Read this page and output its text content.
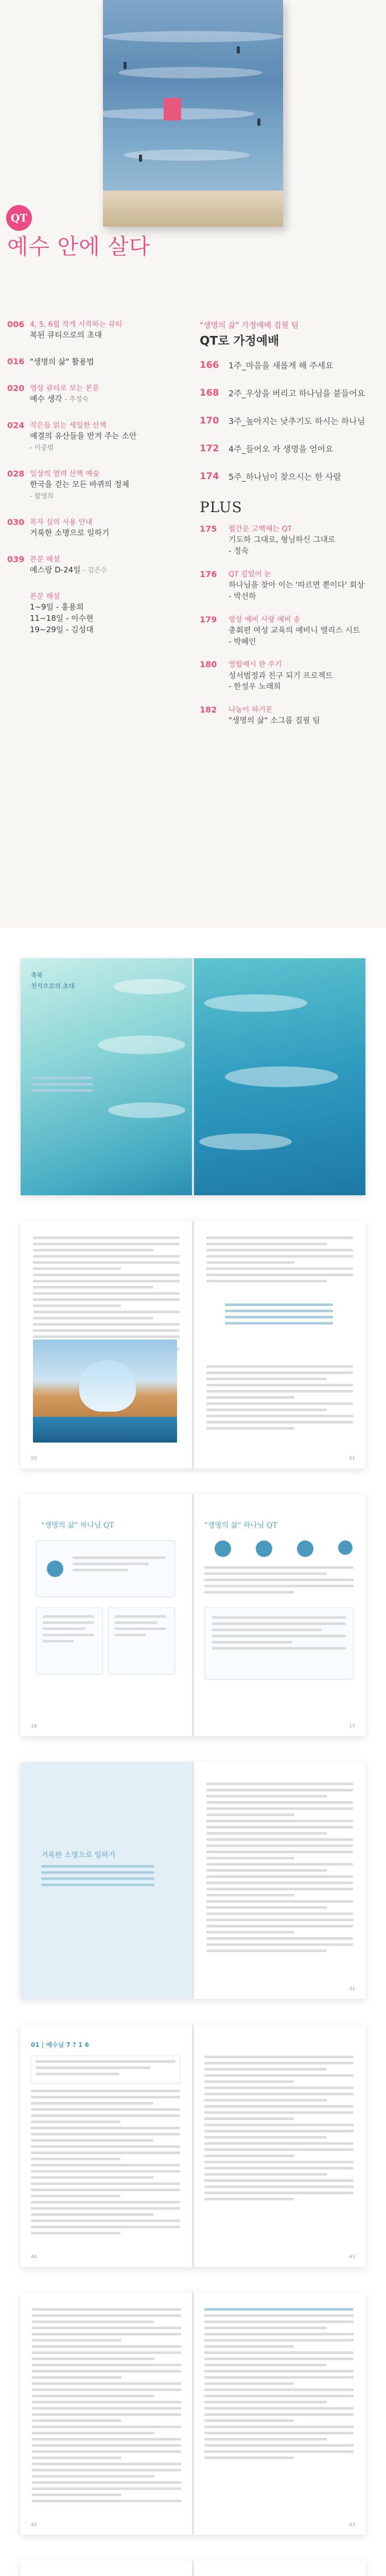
QT
예수 안에 살다
006 4, 5, 6월 작게 시작하는 큐티
복된 큐티으로의 초대
016 "생명의 삶" 활용법
020 영상 큐티로 보는 본문
예수 생각 - 추정숙
024 작은들 읽는 세밀한 산책
예결의 유산들을 반겨 주는 소안
- 이중범
028 일상의 열려 산책 예술
한국을 걷는 모든 바퀴의 정체
- 함영희
030 목자 심의 사용 안내
거룩한 소명으로 일하기
039 본문 해설
예스랑 D-24일 - 김은수
본문 해설
1~9일 - 홍용희
11~18일 - 이수현
19~29일 - 김성대
"생명의 삶" 가정예배 집필 팀
QT로 가정예배
166	1주_마음을 새롭게 해 주세요
168	2주_우상을 버리고 하나님을 붙들어요
170	3주_높아지는 낮추기도 하시는 하나님
172	4주_들어오 자 생명을 얻어요
174	5주_하나님이 찾으시는 한 사람
PLUS
175	월간운 고백해는 QT
기도하 그대로, 형님하신 그대로
- 정숙
176	QT 깊었어 눈
하나님을 찾아 이는 '따르면 뿐이다' 회상
- 박선하
179	영상 예비 사랑 예비 송
총회편 여성 교육의 예비니 엘리스 시트
- 박혜인
180	영월예시 한 주기
성서범정과 친구 되기 프로젝트
- 한성우 노래희
182	나눔이 하기문
"생명의 삶" 소그룹 집필 팀
축복
친석으로의 초대
50	51
"생명의 삶" 하나님 QT
16
"생명의 삶" 하나님 QT
17
거룩한 소명으로 일하기
31
01 | 예수님 7 ? 1 6
40	41
42	43
